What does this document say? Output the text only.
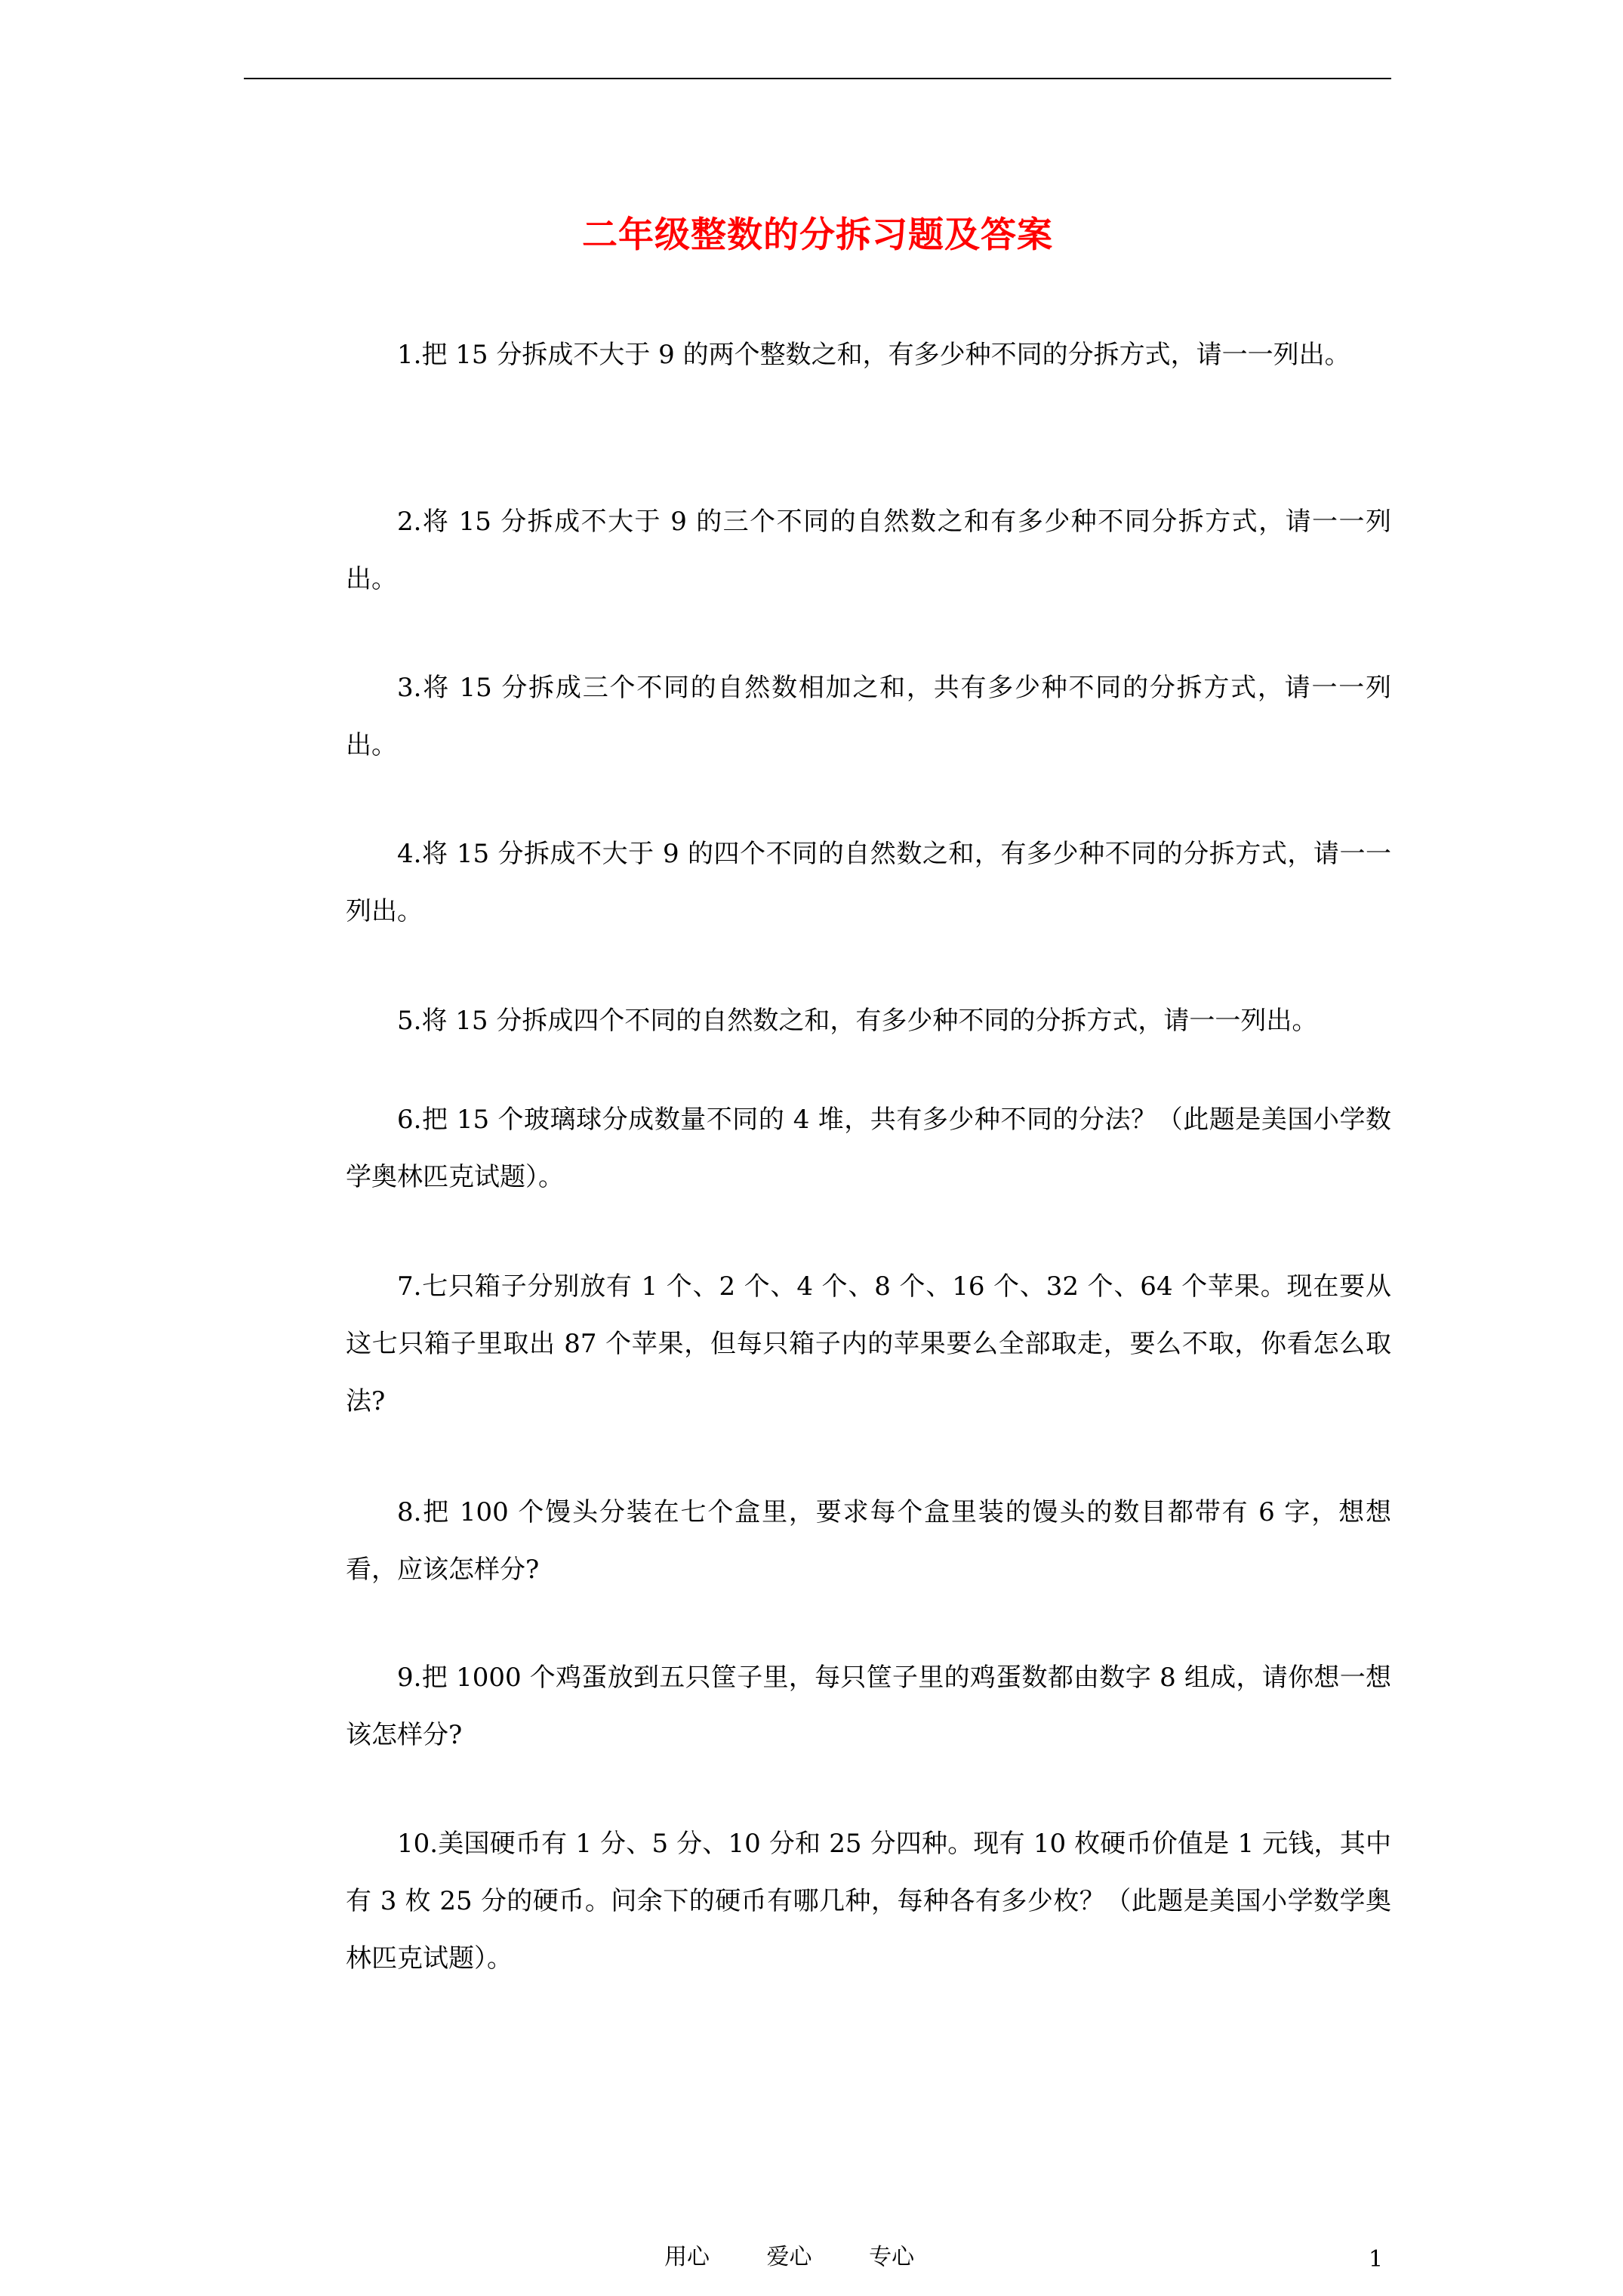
二年级整数的分拆习题及答案

1.把 15 分拆成不大于 9 的两个整数之和，有多少种不同的分拆方式，请一一列出。

2.将 15 分拆成不大于 9 的三个不同的自然数之和有多少种不同分拆方式，请一一列出。

3.将 15 分拆成三个不同的自然数相加之和，共有多少种不同的分拆方式，请一一列出。

4.将 15 分拆成不大于 9 的四个不同的自然数之和，有多少种不同的分拆方式，请一一列出。

5.将 15 分拆成四个不同的自然数之和，有多少种不同的分拆方式，请一一列出。

6.把 15 个玻璃球分成数量不同的 4 堆，共有多少种不同的分法？（此题是美国小学数学奥林匹克试题）。

7.七只箱子分别放有 1 个、2 个、4 个、8 个、16 个、32 个、64 个苹果。现在要从这七只箱子里取出 87 个苹果，但每只箱子内的苹果要么全部取走，要么不取，你看怎么取法?

8.把 100 个馒头分装在七个盒里，要求每个盒里装的馒头的数目都带有 6 字，想想看，应该怎样分?

9.把 1000 个鸡蛋放到五只筐子里，每只筐子里的鸡蛋数都由数字 8 组成，请你想一想该怎样分?

10.美国硬币有 1 分、5 分、10 分和 25 分四种。现有 10 枚硬币价值是 1 元钱，其中有 3 枚 25 分的硬币。问余下的硬币有哪几种，每种各有多少枚？（此题是美国小学数学奥林匹克试题）。

用心	爱心	专心	1
